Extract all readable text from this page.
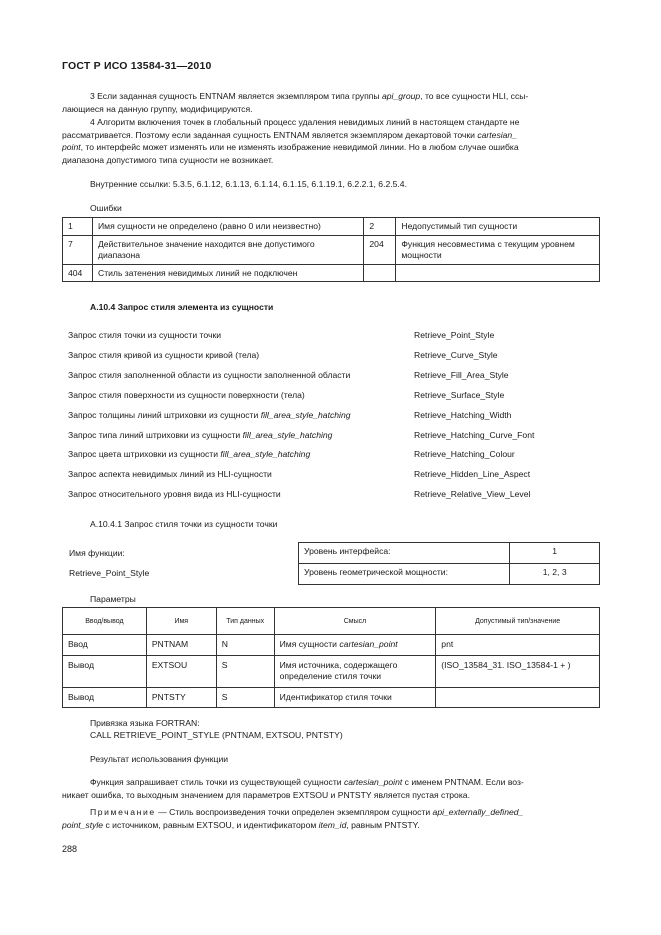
ГОСТ Р ИСО 13584-31—2010
3 Если заданная сущность ENTNAM является экземпляром типа группы api_group, то все сущности HLI, ссы-
лающиеся на данную группу, модифицируются.
4 Алгоритм включения точек в глобальный процесс удаления невидимых линий в настоящем стандарте не
рассматривается. Поэтому если заданная сущность ENTNAM является экземпляром декартовой точки cartesian_
point, то интерфейс может изменять или не изменять изображение невидимой линии. Но в любом случае ошибка
диапазона допустимого типа сущности не возникает.
Внутренние ссылки: 5.3.5, 6.1.12, 6.1.13, 6.1.14, 6.1.15, 6.1.19.1, 6.2.2.1, 6.2.5.4.
Ошибки
1	Имя сущности не определено (равно 0 или неизвестно)	2	Недопустимый тип сущности
7	Действительное значение находится вне допустимого диапазона	204	Функция несовместима с текущим уровнем мощности
404	Стиль затенения невидимых линий не подключен		
А.10.4 Запрос стиля элемента из сущности
Запрос стиля точки из сущности точки	Retrieve_Point_Style
Запрос стиля кривой из сущности кривой (тела)	Retrieve_Curve_Style
Запрос стиля заполненной области из сущности заполненной области	Retrieve_Fill_Area_Style
Запрос стиля поверхности из сущности поверхности (тела)	Retrieve_Surface_Style
Запрос толщины линий штриховки из сущности fill_area_style_hatching	Retrieve_Hatching_Width
Запрос типа линий штриховки из сущности fill_area_style_hatching	Retrieve_Hatching_Curve_Font
Запрос цвета штриховки из сущности fill_area_style_hatching	Retrieve_Hatching_Colour
Запрос аспекта невидимых линий из HLI-сущности	Retrieve_Hidden_Line_Aspect
Запрос относительного уровня вида из HLI-сущности	Retrieve_Relative_View_Level
А.10.4.1 Запрос стиля точки из сущности точки
Имя функции:
Retrieve_Point_Style
Уровень интерфейса:	1
Уровень геометрической мощности:	1, 2, 3
Параметры
Ввод/вывод	Имя	Тип данных	Смысл	Допустимый тип/значение
Ввод	PNTNAM	N	Имя сущности cartesian_point	pnt
Вывод	EXTSOU	S	Имя источника, содержащего определение стиля точки	(ISO_13584_31. ISO_13584-1 + )
Вывод	PNTSTY	S	Идентификатор стиля точки	
Привязка языка FORTRAN:
CALL RETRIEVE_POINT_STYLE (PNTNAM, EXTSOU, PNTSTY)
Результат использования функции
Функция запрашивает стиль точки из существующей сущности cartesian_point с именем PNTNAM. Если воз-
никает ошибка, то выходным значением для параметров EXTSOU и PNTSTY является пустая строка.
Примечание — Стиль воспроизведения точки определен экземпляром сущности api_externally_defined_
point_style с источником, равным EXTSOU, и идентификатором item_id, равным PNTSTY.
288
